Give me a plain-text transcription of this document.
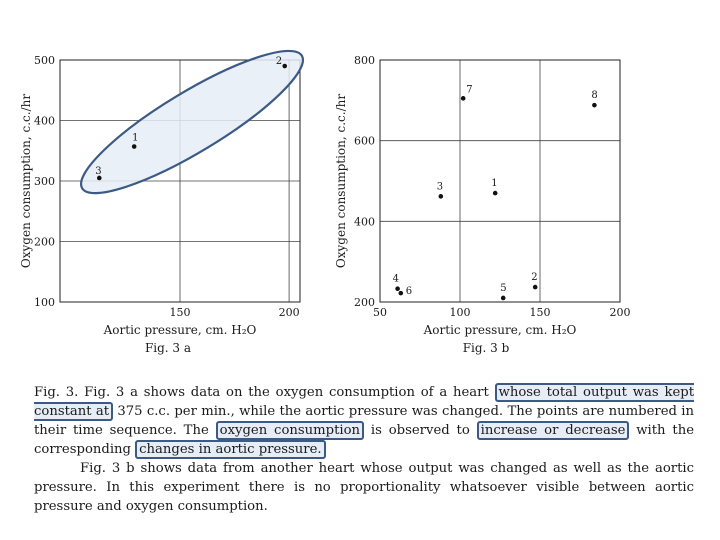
100
200
300
400
500
150	200
Aortic pressure, cm. H₂O
Oxygen consumption, c.c./hr
Fig. 3 a
1
2
3
200
400
600
800
50	100	150	200
Aortic pressure, cm. H₂O
Oxygen consumption, c.c./hr
Fig. 3 b
1
2
3
4
5
6
7
8

Fig. 3. Fig. 3 a shows data on the oxygen consumption of a heart whose total output was kept constant at 375 c.c. per min., while the aortic pressure was changed. The points are numbered in their time sequence. The oxygen consumption is observed to increase or decrease with the corresponding changes in aortic pressure.

Fig. 3 b shows data from another heart whose output was changed as well as the aortic pressure. In this experiment there is no proportionality whatsoever visible between aortic pressure and oxygen consumption.
